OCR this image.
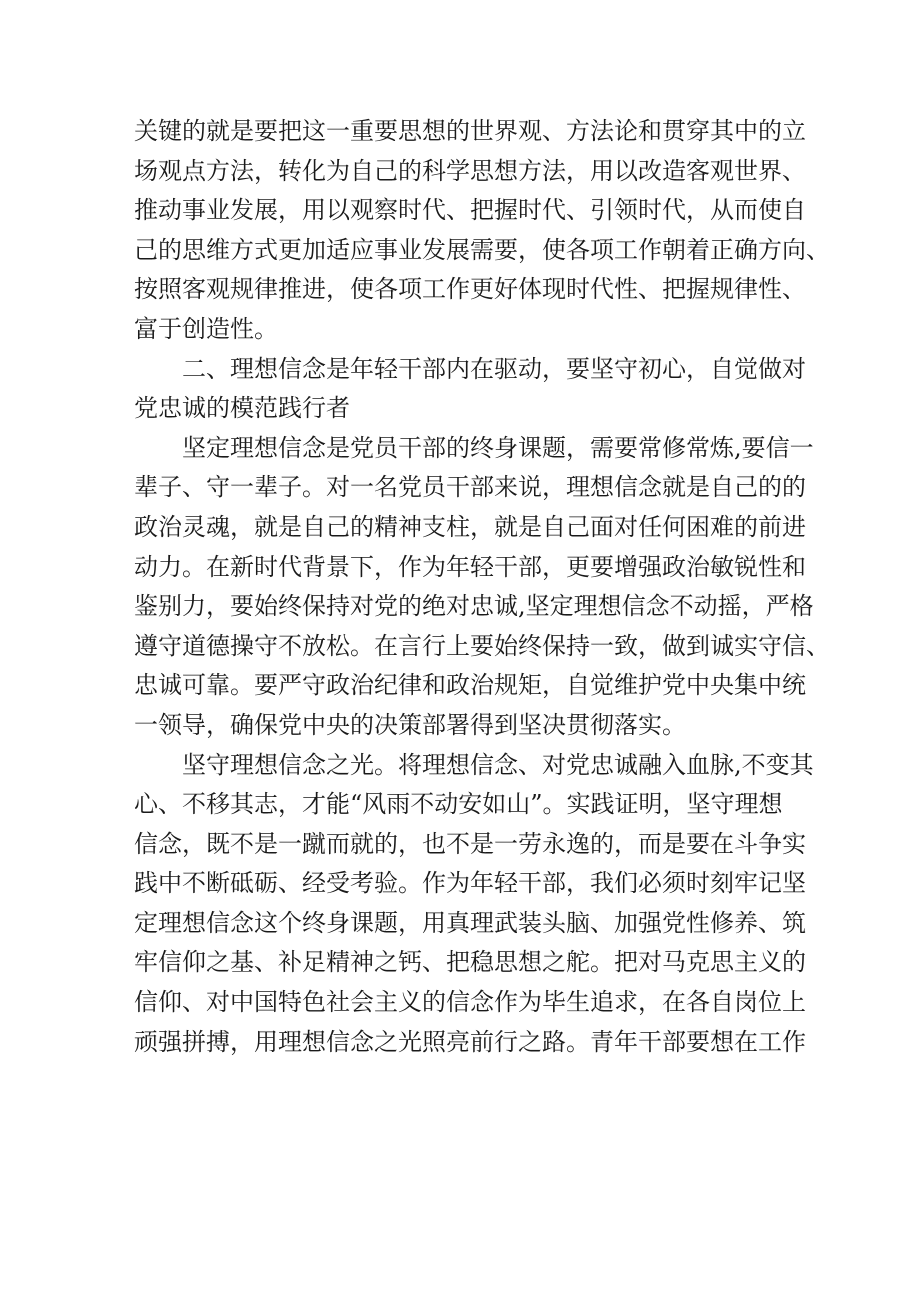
关键的就是要把这一重要思想的世界观、方法论和贯穿其中的立
场观点方法，转化为自己的科学思想方法，用以改造客观世界、
推动事业发展，用以观察时代、把握时代、引领时代，从而使自
己的思维方式更加适应事业发展需要，使各项工作朝着正确方向、
按照客观规律推进，使各项工作更好体现时代性、把握规律性、
富于创造性。

二、理想信念是年轻干部内在驱动，要坚守初心，自觉做对
党忠诚的模范践行者

坚定理想信念是党员干部的终身课题，需要常修常炼,要信一
辈子、守一辈子。对一名党员干部来说，理想信念就是自己的的
政治灵魂，就是自己的精神支柱，就是自己面对任何困难的前进
动力。在新时代背景下，作为年轻干部，更要增强政治敏锐性和
鉴别力，要始终保持对党的绝对忠诚,坚定理想信念不动摇，严格
遵守道德操守不放松。在言行上要始终保持一致，做到诚实守信、
忠诚可靠。要严守政治纪律和政治规矩，自觉维护党中央集中统
一领导，确保党中央的决策部署得到坚决贯彻落实。

坚守理想信念之光。将理想信念、对党忠诚融入血脉,不变其
心、不移其志，才能“风雨不动安如山”。实践证明，坚守理想
信念，既不是一蹴而就的，也不是一劳永逸的，而是要在斗争实
践中不断砥砺、经受考验。作为年轻干部，我们必须时刻牢记坚
定理想信念这个终身课题，用真理武装头脑、加强党性修养、筑
牢信仰之基、补足精神之钙、把稳思想之舵。把对马克思主义的
信仰、对中国特色社会主义的信念作为毕生追求，在各自岗位上
顽强拼搏，用理想信念之光照亮前行之路。青年干部要想在工作
